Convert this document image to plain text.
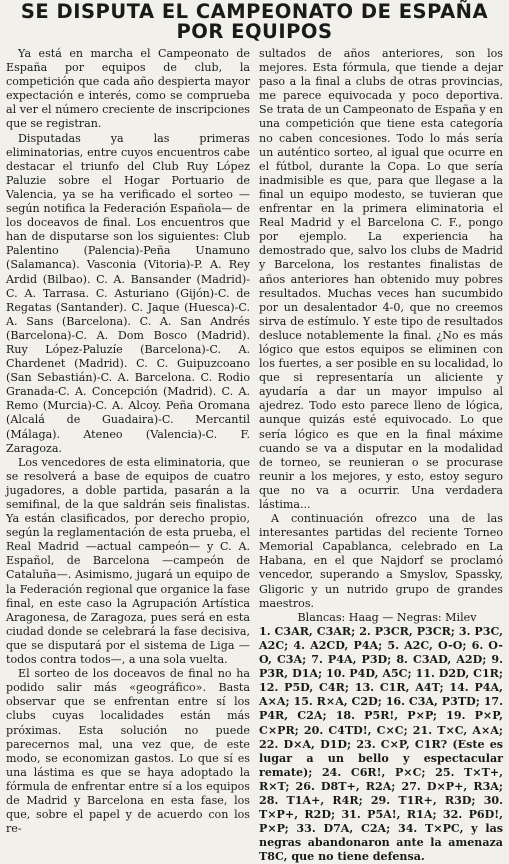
SE DISPUTA EL CAMPEONATO DE ESPAÑA
POR EQUIPOS

Ya está en marcha el Campeonato de España por equipos de club, la competición que cada año despierta mayor expectación e interés, como se comprueba al ver el número creciente de inscripciones que se registran.

Disputadas ya las primeras eliminatorias, entre cuyos encuentros cabe destacar el triunfo del Club Ruy López Paluzie sobre el Hogar Portuario de Valencia, ya se ha verificado el sorteo —según notifica la Federación Española— de los doceavos de final. Los encuentros que han de disputarse son los siguientes: Club Palentino (Palencia)-Peña Unamuno (Salamanca). Vasconia (Vitoria)-P. A. Rey Ardid (Bilbao). C. A. Bansander (Madrid)-C. A. Tarrasa. C. Asturiano (Gijón)-C. de Regatas (Santander). C. Jaque (Huesca)-C. A. Sans (Barcelona). C. A. San Andrés (Barcelona)-C. A. Dom Bosco (Madrid). Ruy López-Paluzíe (Barcelona)-C. A. Chardenet (Madrid). C. C. Guipuzcoano (San Sebastián)-C. A. Barcelona. C. Rodio Granada-C. A. Concepción (Madrid). C. A. Remo (Murcia)-C. A. Alcoy. Peña Oromana (Alcalá de Guadaira)-C. Mercantil (Málaga). Ateneo (Valencia)-C. F. Zaragoza.

Los vencedores de esta eliminatoria, que se resolverá a base de equipos de cuatro jugadores, a doble partida, pasarán a la semifinal, de la que saldrán seis finalistas. Ya están clasificados, por derecho propio, según la reglamentación de esta prueba, el Real Madrid —actual campeón— y C. A. Español, de Barcelona —campeón de Cataluña—. Asimismo, jugará un equipo de la Federación regional que organice la fase final, en este caso la Agrupación Artística Aragonesa, de Zaragoza, pues será en esta ciudad donde se celebrará la fase decisiva, que se disputará por el sistema de Liga —todos contra todos—, a una sola vuelta.

El sorteo de los doceavos de final no ha podido salir más «geográfico». Basta observar que se enfrentan entre sí los clubs cuyas localidades están más próximas. Esta solución no puede parecernos mal, una vez que, de este modo, se economizan gastos. Lo que sí es una lástima es que se haya adoptado la fórmula de enfrentar entre sí a los equipos de Madrid y Barcelona en esta fase, los que, sobre el papel y de acuerdo con los re-

sultados de años anteriores, son los mejores. Esta fórmula, que tiende a dejar paso a la final a clubs de otras provincias, me parece equivocada y poco deportiva. Se trata de un Campeonato de España y en una competición que tiene esta categoría no caben concesiones. Todo lo más sería un auténtico sorteo, al igual que ocurre en el fútbol, durante la Copa. Lo que sería inadmisible es que, para que llegase a la final un equipo modesto, se tuvieran que enfrentar en la primera eliminatoria el Real Madrid y el Barcelona C. F., pongo por ejemplo. La experiencia ha demostrado que, salvo los clubs de Madrid y Barcelona, los restantes finalistas de años anteriores han obtenido muy pobres resultados. Muchas veces han sucumbido por un desalentador 4-0, que no creemos sirva de estímulo. Y este tipo de resultados desluce notablemente la final. ¿No es más lógico que estos equipos se eliminen con los fuertes, a ser posible en su localidad, lo que si representaría un aliciente y ayudaría a dar un mayor impulso al ajedrez. Todo esto parece lleno de lógica, aunque quizás esté equivocado. Lo que sería lógico es que en la final máxime cuando se va a disputar en la modalidad de torneo, se reunieran o se procurase reunir a los mejores, y esto, estoy seguro que no va a ocurrir. Una verdadera lástima...

A continuación ofrezco una de las interesantes partidas del reciente Torneo Memorial Capablanca, celebrado en La Habana, en el que Najdorf se proclamó vencedor, superando a Smyslov, Spassky, Gligoric y un nutrido grupo de grandes maestros.

Blancas: Haag — Negras: Milev

1. C3AR, C3AR; 2. P3CR, P3CR; 3. P3C, A2C; 4. A2CD, P4A; 5. A2C, O-O; 6. O-O, C3A; 7. P4A, P3D; 8. C3AD, A2D; 9. P3R, D1A; 10. P4D, A5C; 11. D2D, C1R; 12. P5D, C4R; 13. C1R, A4T; 14. P4A, A×A; 15. R×A, C2D; 16. C3A, P3TD; 17. P4R, C2A; 18. P5R!, P×P; 19. P×P, C×PR; 20. C4TD!, C×C; 21. T×C, A×A; 22. D×A, D1D; 23. C×P, C1R? (Este es lugar a un bello y espectacular remate); 24. C6R!, P×C; 25. T×T+, R×T; 26. D8T+, R2A; 27. D×P+, R3A; 28. T1A+, R4R; 29. T1R+, R3D; 30. T×P+, R2D; 31. P5A!, R1A; 32. P6D!, P×P; 33. D7A, C2A; 34. T×PC, y las negras abandonaron ante la amenaza T8C, que no tiene defensa.
